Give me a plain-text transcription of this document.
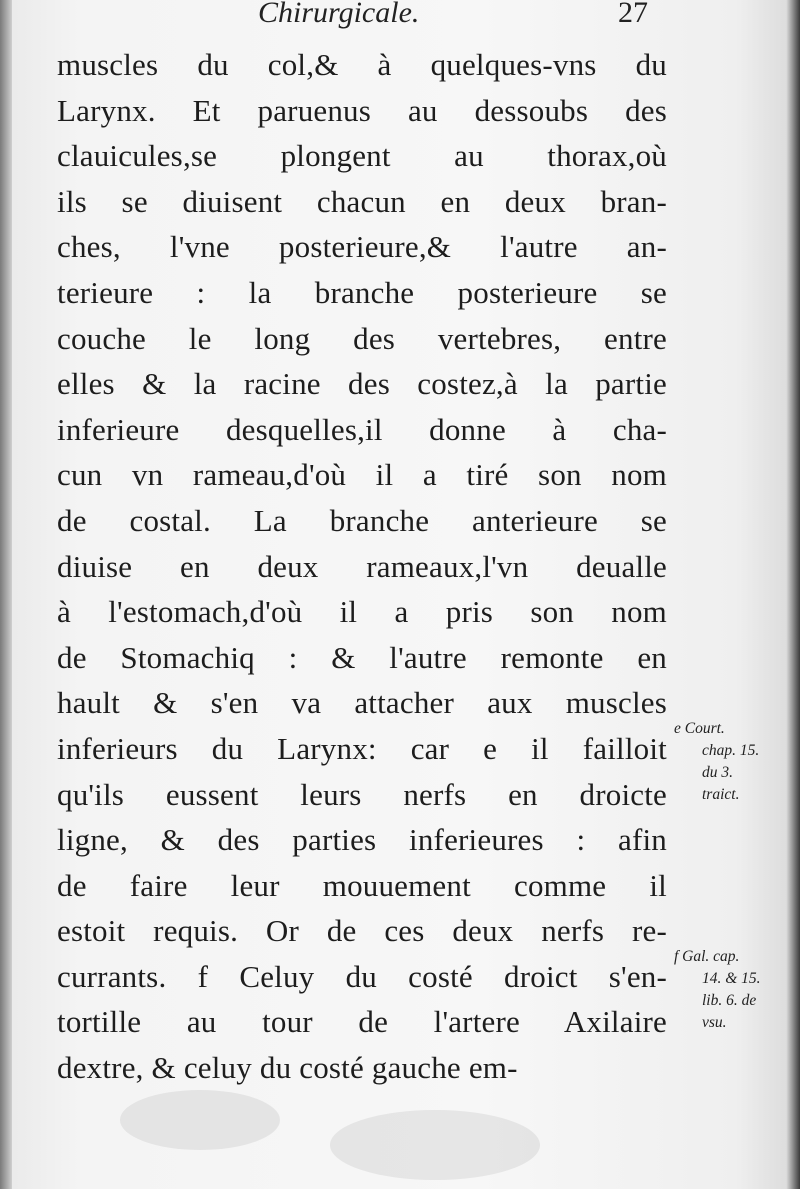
Chirurgicale.	27
muscles du col,& à quelques-vns du
Larynx. Et paruenus au dessoubs des
clauicules,se plongent au thorax,où
ils se diuisent chacun en deux bran-
ches, l'vne posterieure,& l'autre an-
terieure : la branche posterieure se
couche le long des vertebres, entre
elles & la racine des costez,à la partie
inferieure desquelles,il donne à cha-
cun vn rameau,d'où il a tiré son nom
de costal. La branche anterieure se
diuise en deux rameaux,l'vn deualle
à l'estomach,d'où il a pris son nom
de Stomachiq : & l'autre remonte en
hault & s'en va attacher aux muscles
inferieurs du Larynx: car e il failloit
qu'ils eussent leurs nerfs en droicte
ligne, & des parties inferieures : afin
de faire leur mouuement comme il
estoit requis. Or de ces deux nerfs re-
currants. f Celuy du costé droict s'en-
tortille au tour de l'artere Axilaire
dextre, & celuy du costé gauche em-
e Court.
chap. 15.
du 3.
traict.
f Gal. cap.
14. & 15.
lib. 6. de
vsu.
